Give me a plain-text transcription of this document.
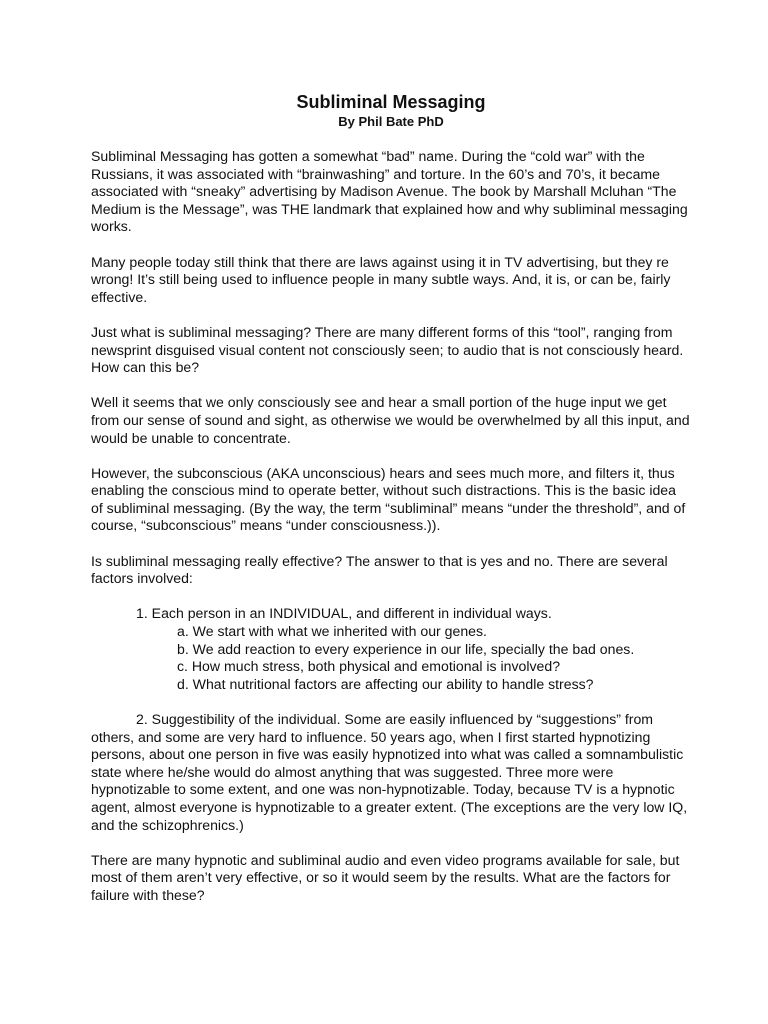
Subliminal Messaging

By Phil Bate PhD

Subliminal Messaging has gotten a somewhat “bad” name. During the “cold war” with the Russians, it was associated with “brainwashing” and torture. In the 60’s and 70’s, it became associated with “sneaky” advertising by Madison Avenue. The book by Marshall Mcluhan “The Medium is the Message”, was THE landmark that explained how and why subliminal messaging works.

Many people today still think that there are laws against using it in TV advertising, but they re wrong! It’s still being used to influence people in many subtle ways. And, it is, or can be, fairly effective.

Just what is subliminal messaging? There are many different forms of this “tool”, ranging from newsprint disguised visual content not consciously seen; to audio that is not consciously heard. How can this be?

Well it seems that we only consciously see and hear a small portion of the huge input we get from our sense of sound and sight, as otherwise we would be overwhelmed by all this input, and would be unable to concentrate.

However, the subconscious (AKA unconscious) hears and sees much more, and filters it, thus enabling the conscious mind to operate better, without such distractions. This is the basic idea of subliminal messaging. (By the way, the term “subliminal” means “under the threshold”, and of course, “subconscious” means “under consciousness.)).

Is subliminal messaging really effective? The answer to that is yes and no. There are several factors involved:

1. Each person in an INDIVIDUAL, and different in individual ways.

a. We start with what we inherited with our genes.
b. We add reaction to every experience in our life, specially the bad ones.
c. How much stress, both physical and emotional is involved?
d. What nutritional factors are affecting our ability to handle stress?

2. Suggestibility of the individual. Some are easily influenced by “suggestions” from others, and some are very hard to influence. 50 years ago, when I first started hypnotizing persons, about one person in five was easily hypnotized into what was called a somnambulistic state where he/she would do almost anything that was suggested. Three more were hypnotizable to some extent, and one was non-hypnotizable. Today, because TV is a hypnotic agent, almost everyone is hypnotizable to a greater extent. (The exceptions are the very low IQ, and the schizophrenics.)

There are many hypnotic and subliminal audio and even video programs available for sale, but most of them aren’t very effective, or so it would seem by the results. What are the factors for failure with these?
